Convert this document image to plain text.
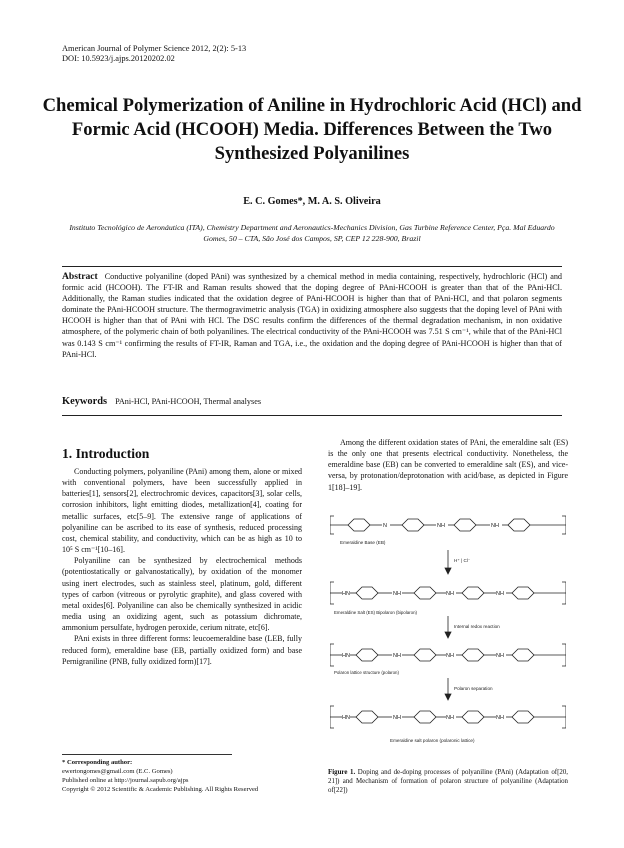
American Journal of Polymer Science 2012, 2(2): 5-13
DOI: 10.5923/j.ajps.20120202.02
Chemical Polymerization of Aniline in Hydrochloric Acid (HCl) and Formic Acid (HCOOH) Media. Differences Between the Two Synthesized Polyanilines
E. C. Gomes*, M. A. S. Oliveira
Instituto Tecnológico de Aeronáutica (ITA), Chemistry Department and Aeronautics-Mechanics Division, Gas Turbine Reference Center, Pça. Mal Eduardo Gomes, 50 – CTA, São José dos Campos, SP, CEP 12 228-900, Brazil
Abstract Conductive polyaniline (doped PAni) was synthesized by a chemical method in media containing, respectively, hydrochloric (HCl) and formic acid (HCOOH). The FT-IR and Raman results showed that the doping degree of PAni-HCOOH is greater than that of the PAni-HCl. Additionally, the Raman studies indicated that the oxidation degree of PAni-HCOOH is higher than that of PAni-HCl, and that polaron segments dominate the PAni-HCOOH structure. The thermogravimetric analysis (TGA) in oxidizing atmosphere also suggests that the doping level of PAni with HCOOH is higher than that of PAni with HCl. The DSC results confirm the differences of the thermal degradation mechanism, in non oxidative atmosphere, of the polymeric chain of both polyanilines. The electrical conductivity of the PAni-HCOOH was 7.51 S cm⁻¹, while that of the PAni-HCl was 0.143 S cm⁻¹ confirming the results of FT-IR, Raman and TGA, i.e., the oxidation and the doping degree of PAni-HCOOH is higher than that of PAni-HCl.
Keywords PAni-HCl, PAni-HCOOH, Thermal analyses
1. Introduction

Conducting polymers, polyaniline (PAni) among them, alone or mixed with conventional polymers, have been successfully applied in batteries[1], sensors[2], electrochromic devices, capacitors[3], solar cells, corrosion inhibitors, light emitting diodes, metallization[4], coating for metallic surfaces, etc[5–9]. The extensive range of applications of polyaniline can be ascribed to its ease of synthesis, reduced processing cost, chemical stability, and conductivity, which can be as high as 10 to 10⁵ S cm⁻¹[10–16].

Polyaniline can be synthesized by electrochemical methods (potentiostatically or galvanostatically), by oxidation of the monomer using inert electrodes, such as stainless steel, platinum, gold, different types of carbon (vitreous or pyrolytic graphite), and glass covered with metal oxides[6]. Polyaniline can also be chemically synthesized in acidic media using an oxidizing agent, such as potassium dichromate, ammonium persulfate, hydrogen peroxide, cerium nitrate, etc[6].

PAni exists in three different forms: leucoemeraldine base (LEB, fully reduced form), emeraldine base (EB, partially oxidized form) and base Pernigraniline (PNB, fully oxidized form)[17].

Among the different oxidation states of PAni, the emeraldine salt (ES) is the only one that presents electrical conductivity. Nonetheless, the emeraldine base (EB) can be converted to emeraldine salt (ES), and vice-versa, by protonation/deprotonation with acid/base, as depicted in Figure 1[18]–19].

N	NH	NH
Emeraldine Base (EB)
H⁺ | Cl⁻
HN	NH	NH	NH
Emeraldine Salt (ES) Bipolaron (bipolaron)
Internal redox reaction
HN	NH	NH	NH
Polaron lattice structure (polaron)
Polaron separation
HN	NH	NH	NH
Emeraldine salt polaron (polaronic lattice)
Figure 1. Doping and de-doping processes of polyaniline (PAni) (Adaptation of[20, 21]) and Mechanism of formation of polaron structure of polyaniline (Adaptation of[22])
* Corresponding author:
ewertongomes@gmail.com (E.C. Gomes)
Published online at http://journal.sapub.org/ajps
Copyright © 2012 Scientific & Academic Publishing. All Rights Reserved
